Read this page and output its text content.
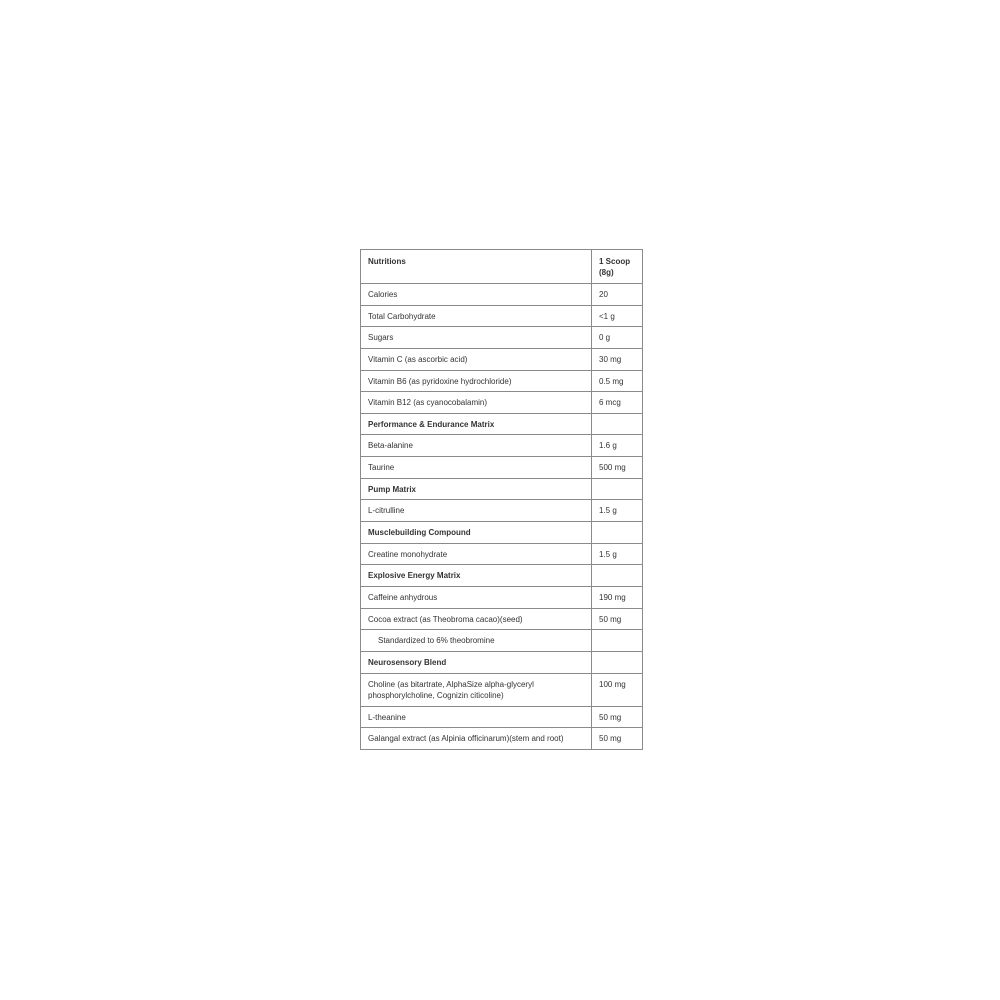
Nutritions	1 Scoop (8g)
Calories	20
Total Carbohydrate	<1 g
Sugars	0 g
Vitamin C (as ascorbic acid)	30 mg
Vitamin B6 (as pyridoxine hydrochloride)	0.5 mg
Vitamin B12 (as cyanocobalamin)	6 mcg
Performance & Endurance Matrix	
Beta-alanine	1.6 g
Taurine	500 mg
Pump Matrix	
L-citrulline	1.5 g
Musclebuilding Compound	
Creatine monohydrate	1.5 g
Explosive Energy Matrix	
Caffeine anhydrous	190 mg
Cocoa extract (as Theobroma cacao)(seed)	50 mg
Standardized to 6% theobromine	
Neurosensory Blend	
Choline (as bitartrate, AlphaSize alpha-glyceryl phosphorylcholine, Cognizin citicoline)	100 mg
L-theanine	50 mg
Galangal extract (as Alpinia officinarum)(stem and root)	50 mg
